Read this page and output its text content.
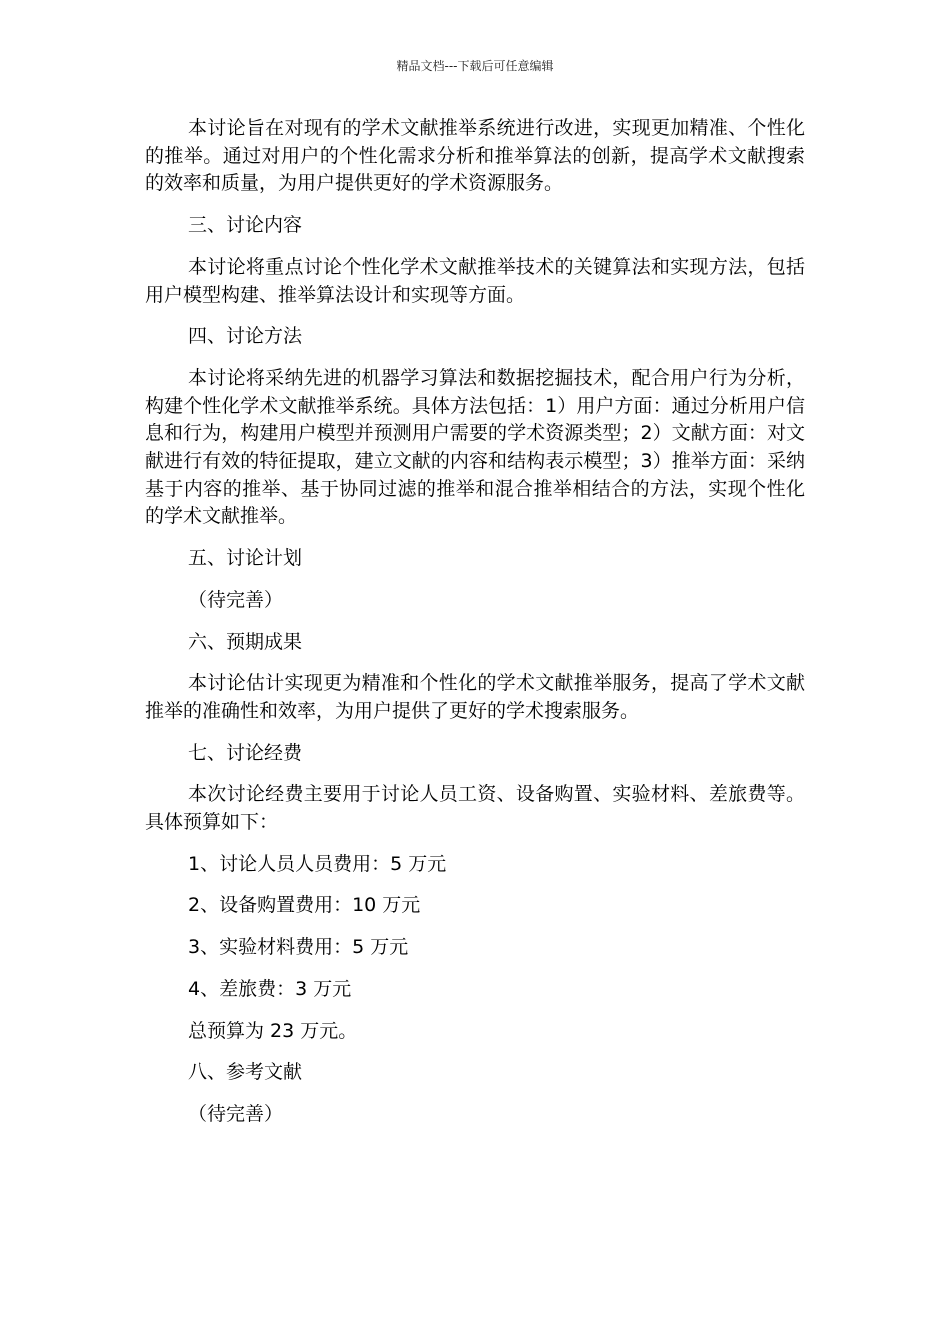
精品文档---下载后可任意编辑

本讨论旨在对现有的学术文献推举系统进行改进，实现更加精准、个性化的推举。通过对用户的个性化需求分析和推举算法的创新，提高学术文献搜索的效率和质量，为用户提供更好的学术资源服务。

三、讨论内容

本讨论将重点讨论个性化学术文献推举技术的关键算法和实现方法，包括用户模型构建、推举算法设计和实现等方面。

四、讨论方法

本讨论将采纳先进的机器学习算法和数据挖掘技术，配合用户行为分析，构建个性化学术文献推举系统。具体方法包括：1）用户方面：通过分析用户信息和行为，构建用户模型并预测用户需要的学术资源类型；2）文献方面：对文献进行有效的特征提取，建立文献的内容和结构表示模型；3）推举方面：采纳基于内容的推举、基于协同过滤的推举和混合推举相结合的方法，实现个性化的学术文献推举。

五、讨论计划

（待完善）

六、预期成果

本讨论估计实现更为精准和个性化的学术文献推举服务，提高了学术文献推举的准确性和效率，为用户提供了更好的学术搜索服务。

七、讨论经费

本次讨论经费主要用于讨论人员工资、设备购置、实验材料、差旅费等。具体预算如下：

1、讨论人员人员费用：5 万元

2、设备购置费用：10 万元

3、实验材料费用：5 万元

4、差旅费：3 万元

总预算为 23 万元。

八、参考文献

（待完善）
